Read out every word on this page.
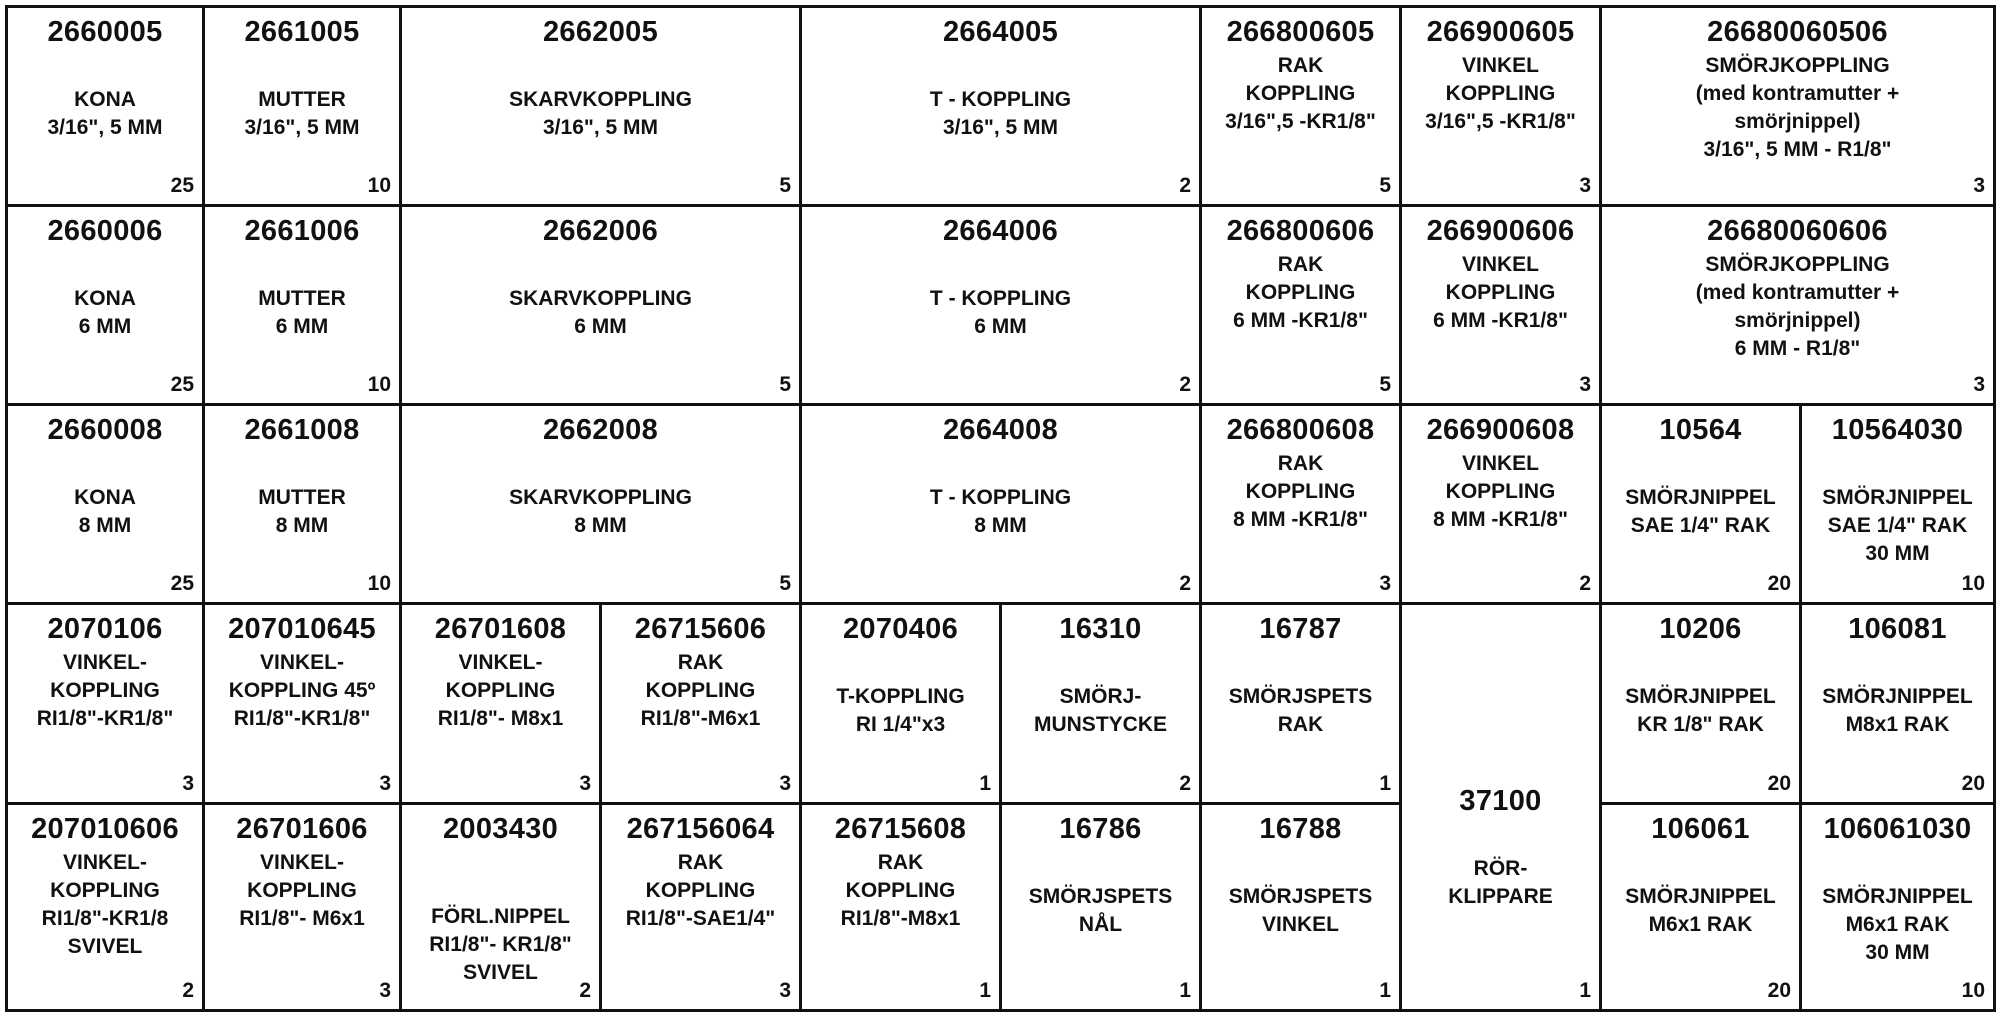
2660005
KONA
3/16", 5 MM
25
2661005
MUTTER
3/16", 5 MM
10
2662005
SKARVKOPPLING
3/16", 5 MM
5
2664005
T - KOPPLING
3/16", 5 MM
2
266800605
RAK
KOPPLING
3/16",5 -KR1/8"
5
266900605
VINKEL
KOPPLING
3/16",5 -KR1/8"
3
26680060506
SMÖRJKOPPLING
(med kontramutter +
smörjnippel)
3/16", 5 MM - R1/8"
3
2660006
KONA
6 MM
25
2661006
MUTTER
6 MM
10
2662006
SKARVKOPPLING
6 MM
5
2664006
T - KOPPLING
6 MM
2
266800606
RAK
KOPPLING
6 MM -KR1/8"
5
266900606
VINKEL
KOPPLING
6 MM -KR1/8"
3
26680060606
SMÖRJKOPPLING
(med kontramutter +
smörjnippel)
6 MM - R1/8"
3
2660008
KONA
8 MM
25
2661008
MUTTER
8 MM
10
2662008
SKARVKOPPLING
8 MM
5
2664008
T - KOPPLING
8 MM
2
266800608
RAK
KOPPLING
8 MM -KR1/8"
3
266900608
VINKEL
KOPPLING
8 MM -KR1/8"
2
10564
SMÖRJNIPPEL
SAE 1/4" RAK
20
10564030
SMÖRJNIPPEL
SAE 1/4" RAK
30 MM
10
2070106
VINKEL-
KOPPLING
RI1/8"-KR1/8"
3
207010645
VINKEL-
KOPPLING 45º
RI1/8"-KR1/8"
3
26701608
VINKEL-
KOPPLING
RI1/8"- M8x1
3
26715606
RAK
KOPPLING
RI1/8"-M6x1
3
2070406
T-KOPPLING
RI 1/4"x3
1
16310
SMÖRJ-
MUNSTYCKE
2
16787
SMÖRJSPETS
RAK
1
37100
RÖR-
KLIPPARE
1
10206
SMÖRJNIPPEL
KR 1/8" RAK
20
106081
SMÖRJNIPPEL
M8x1 RAK
20
207010606
VINKEL-
KOPPLING
RI1/8"-KR1/8
SVIVEL
2
26701606
VINKEL-
KOPPLING
RI1/8"- M6x1
3
2003430
FÖRL.NIPPEL
RI1/8"- KR1/8"
SVIVEL
2
267156064
RAK
KOPPLING
RI1/8"-SAE1/4"
3
26715608
RAK
KOPPLING
RI1/8"-M8x1
1
16786
SMÖRJSPETS
NÅL
1
16788
SMÖRJSPETS
VINKEL
1
106061
SMÖRJNIPPEL
M6x1 RAK
20
106061030
SMÖRJNIPPEL
M6x1 RAK
30 MM
10
